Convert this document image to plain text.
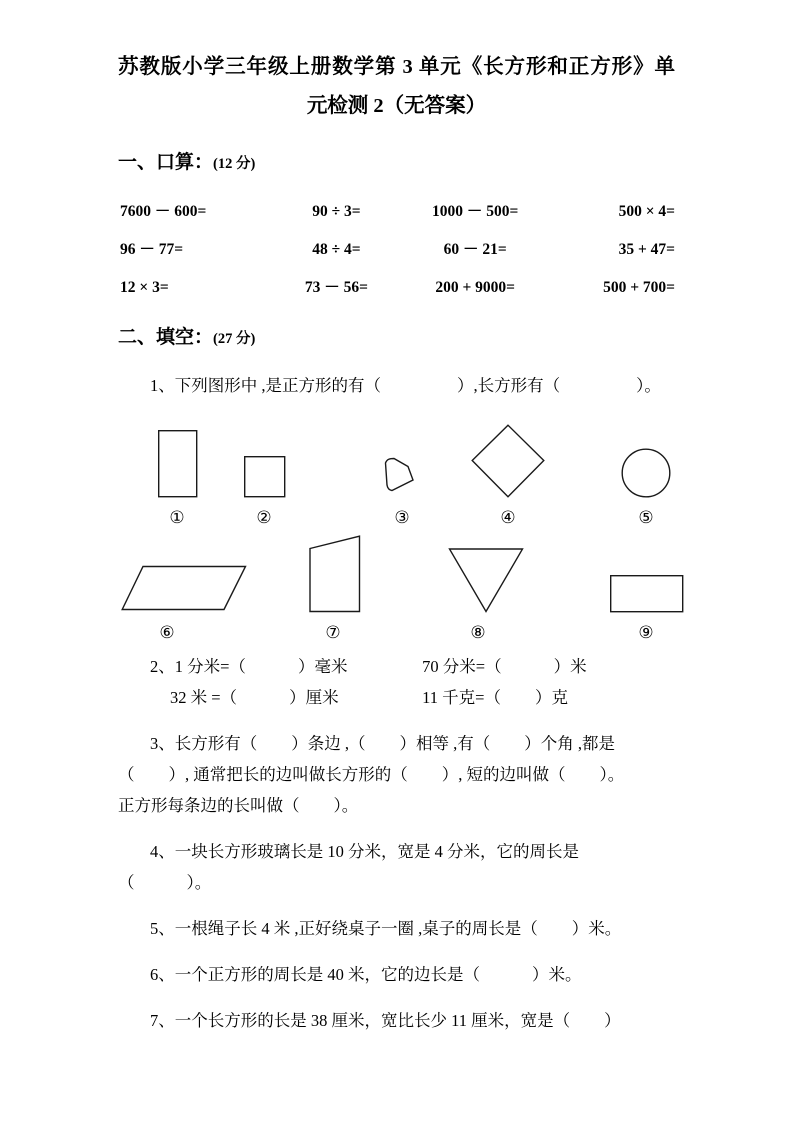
苏教版小学三年级上册数学第 3 单元《长方形和正方形》单
元检测 2（无答案）
一、口算：(12 分)
7600 － 600=	90 ÷ 3=	1000 － 500=	500 × 4=
96 － 77=	48 ÷ 4=	60 － 21=	35 + 47=
12 × 3=	73 － 56=	200 + 9000=	500 + 700=
二、填空：(27 分)

1、下列图形中 ,是正方形的有（	）,长方形有（	）。

①	②	③	④	⑤
⑥	⑦	⑧	⑨
2、1 分米=（ ）毫米	70 分米=（ ）米
32 米 =（ ）厘米	11 千克=（ ）克

3、长方形有（ ）条边 ,（ ）相等 ,有（ ）个角 ,都是

（ ）, 通常把长的边叫做长方形的（ ）, 短的边叫做（ ）。

正方形每条边的长叫做（ ）。

4、一块长方形玻璃长是 10 分米，宽是 4 分米，它的周长是

（	）。

5、一根绳子长 4 米 ,正好绕桌子一圈 ,桌子的周长是（ ）米。

6、一个正方形的周长是 40 米，它的边长是（	）米。

7、一个长方形的长是 38 厘米，宽比长少 11 厘米，宽是（ ）
